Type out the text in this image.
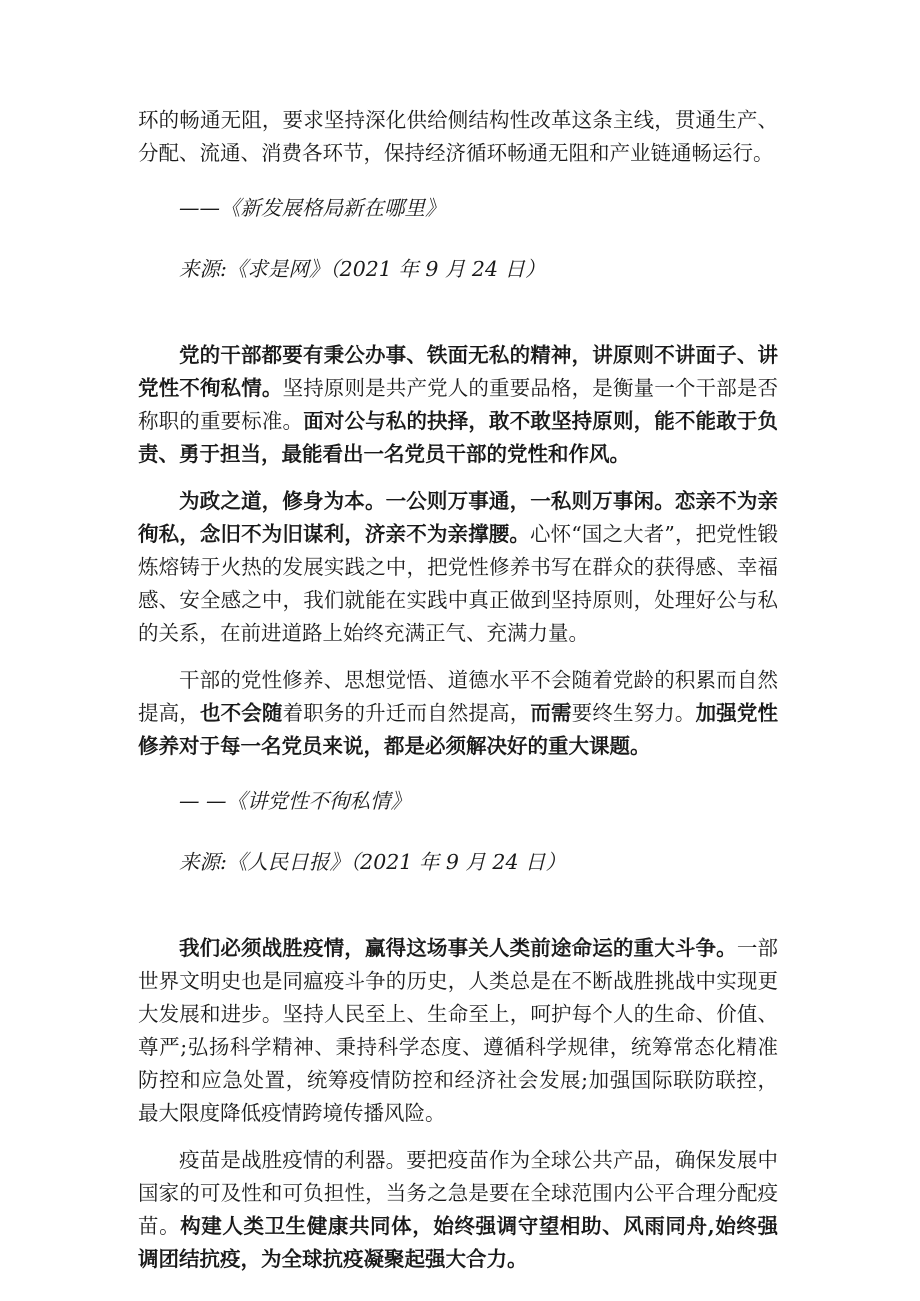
环的畅通无阻，要求坚持深化供给侧结构性改革这条主线，贯通生产、分配、流通、消费各环节，保持经济循环畅通无阻和产业链通畅运行。

——《新发展格局新在哪里》

来源:《求是网》（2021 年 9 月 24 日）

党的干部都要有秉公办事、铁面无私的精神，讲原则不讲面子、讲党性不徇私情。坚持原则是共产党人的重要品格，是衡量一个干部是否称职的重要标准。面对公与私的抉择，敢不敢坚持原则，能不能敢于负责、勇于担当，最能看出一名党员干部的党性和作风。

为政之道，修身为本。一公则万事通，一私则万事闲。恋亲不为亲徇私，念旧不为旧谋利，济亲不为亲撑腰。心怀“国之大者”，把党性锻炼熔铸于火热的发展实践之中，把党性修养书写在群众的获得感、幸福感、安全感之中，我们就能在实践中真正做到坚持原则，处理好公与私的关系，在前进道路上始终充满正气、充满力量。

干部的党性修养、思想觉悟、道德水平不会随着党龄的积累而自然提高，也不会随着职务的升迁而自然提高，而需要终生努力。加强党性修养对于每一名党员来说，都是必须解决好的重大课题。

— —《讲党性不徇私情》

来源:《人民日报》（2021 年 9 月 24 日）

我们必须战胜疫情，赢得这场事关人类前途命运的重大斗争。一部世界文明史也是同瘟疫斗争的历史，人类总是在不断战胜挑战中实现更大发展和进步。坚持人民至上、生命至上，呵护每个人的生命、价值、尊严;弘扬科学精神、秉持科学态度、遵循科学规律，统筹常态化精准防控和应急处置，统筹疫情防控和经济社会发展;加强国际联防联控，最大限度降低疫情跨境传播风险。

疫苗是战胜疫情的利器。要把疫苗作为全球公共产品，确保发展中国家的可及性和可负担性，当务之急是要在全球范围内公平合理分配疫苗。构建人类卫生健康共同体，始终强调守望相助、风雨同舟,始终强调团结抗疫，为全球抗疫凝聚起强大合力。
